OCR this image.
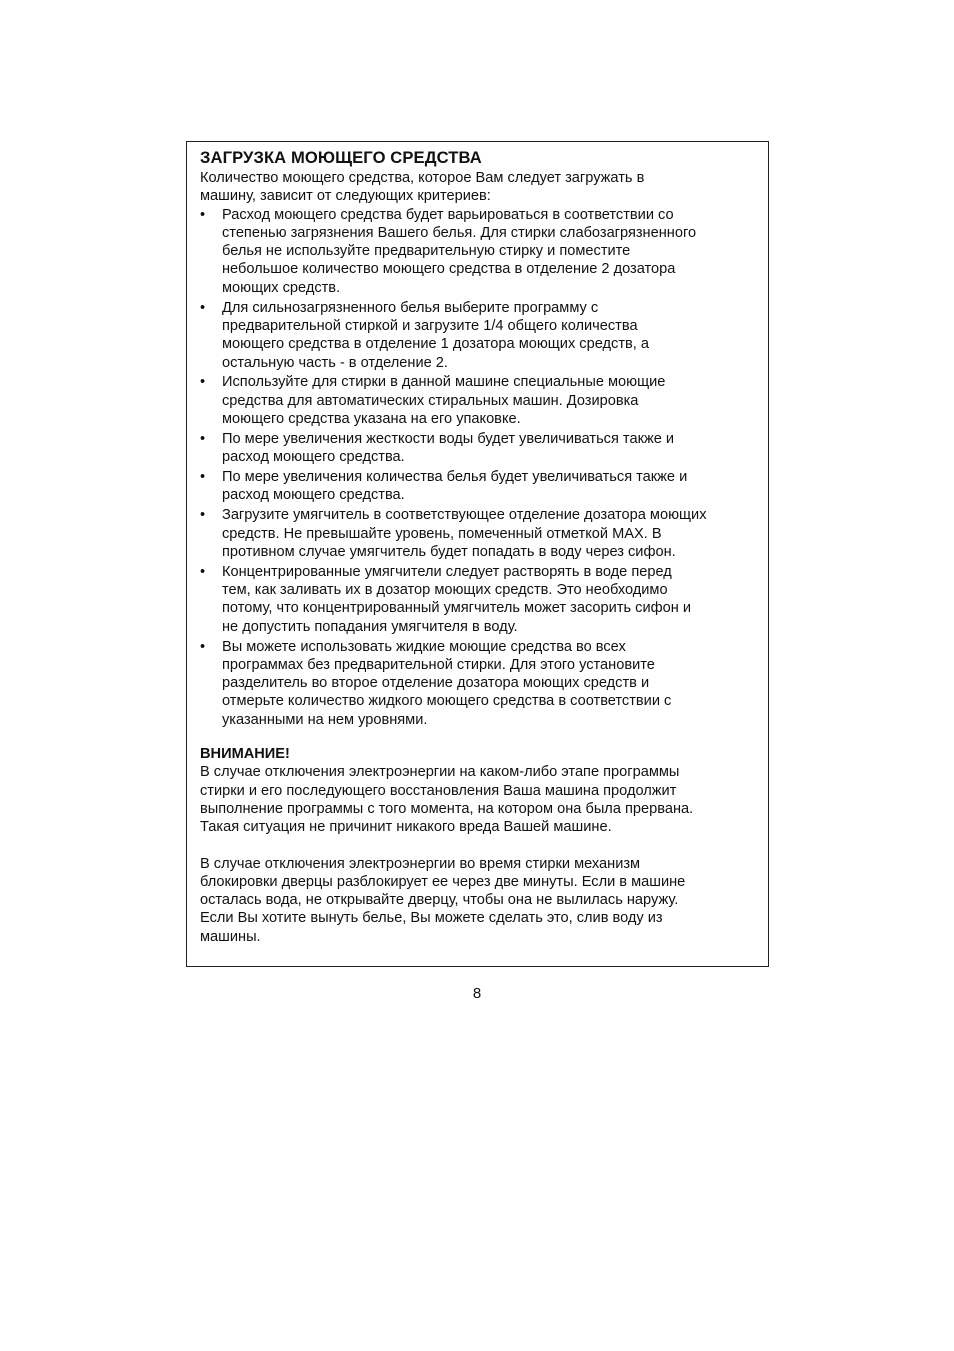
ЗАГРУЗКА МОЮЩЕГО СРЕДСТВА

Количество моющего средства, которое Вам следует загружать в
машину, зависит от следующих критериев:

•	Расход моющего средства будет варьироваться в соответствии со
степенью загрязнения Вашего белья. Для стирки слабозагрязненного
белья не используйте предварительную стирку и поместите
небольшое количество моющего средства в отделение 2 дозатора
моющих средств.
•	Для сильнозагрязненного белья выберите программу с
предварительной стиркой и загрузите 1/4 общего количества
моющего средства в отделение 1 дозатора моющих средств, а
остальную часть - в отделение 2.
•	Используйте для стирки в данной машине специальные моющие
средства для автоматических стиральных машин. Дозировка
моющего средства указана на его упаковке.
•	По мере увеличения жесткости воды будет увеличиваться также и
расход моющего средства.
•	По мере увеличения количества белья будет увеличиваться также и
расход моющего средства.
•	Загрузите умягчитель в соответствующее отделение дозатора моющих
средств. Не превышайте уровень, помеченный отметкой MAX. В
противном случае умягчитель будет попадать в воду через сифон.
•	Концентрированные умягчители следует растворять в воде перед
тем, как заливать их в дозатор моющих средств. Это необходимо
потому, что концентрированный умягчитель может засорить сифон и
не допустить попадания умягчителя в воду.
•	Вы можете использовать жидкие моющие средства во всех
программах без предварительной стирки. Для этого установите
разделитель во второе отделение дозатора моющих средств и
отмерьте количество жидкого моющего средства в соответствии с
указанными на нем уровнями.
ВНИМАНИЕ!

В случае отключения электроэнергии на каком-либо этапе программы
стирки и его последующего восстановления Ваша машина продолжит
выполнение программы с того момента, на котором она была прервана.
Такая ситуация не причинит никакого вреда Вашей машине.

В случае отключения электроэнергии во время стирки механизм
блокировки дверцы разблокирует ее через две минуты. Если в машине
осталась вода, не открывайте дверцу, чтобы она не вылилась наружу.
Если Вы хотите вынуть белье, Вы можете сделать это, слив воду из
машины.

8
